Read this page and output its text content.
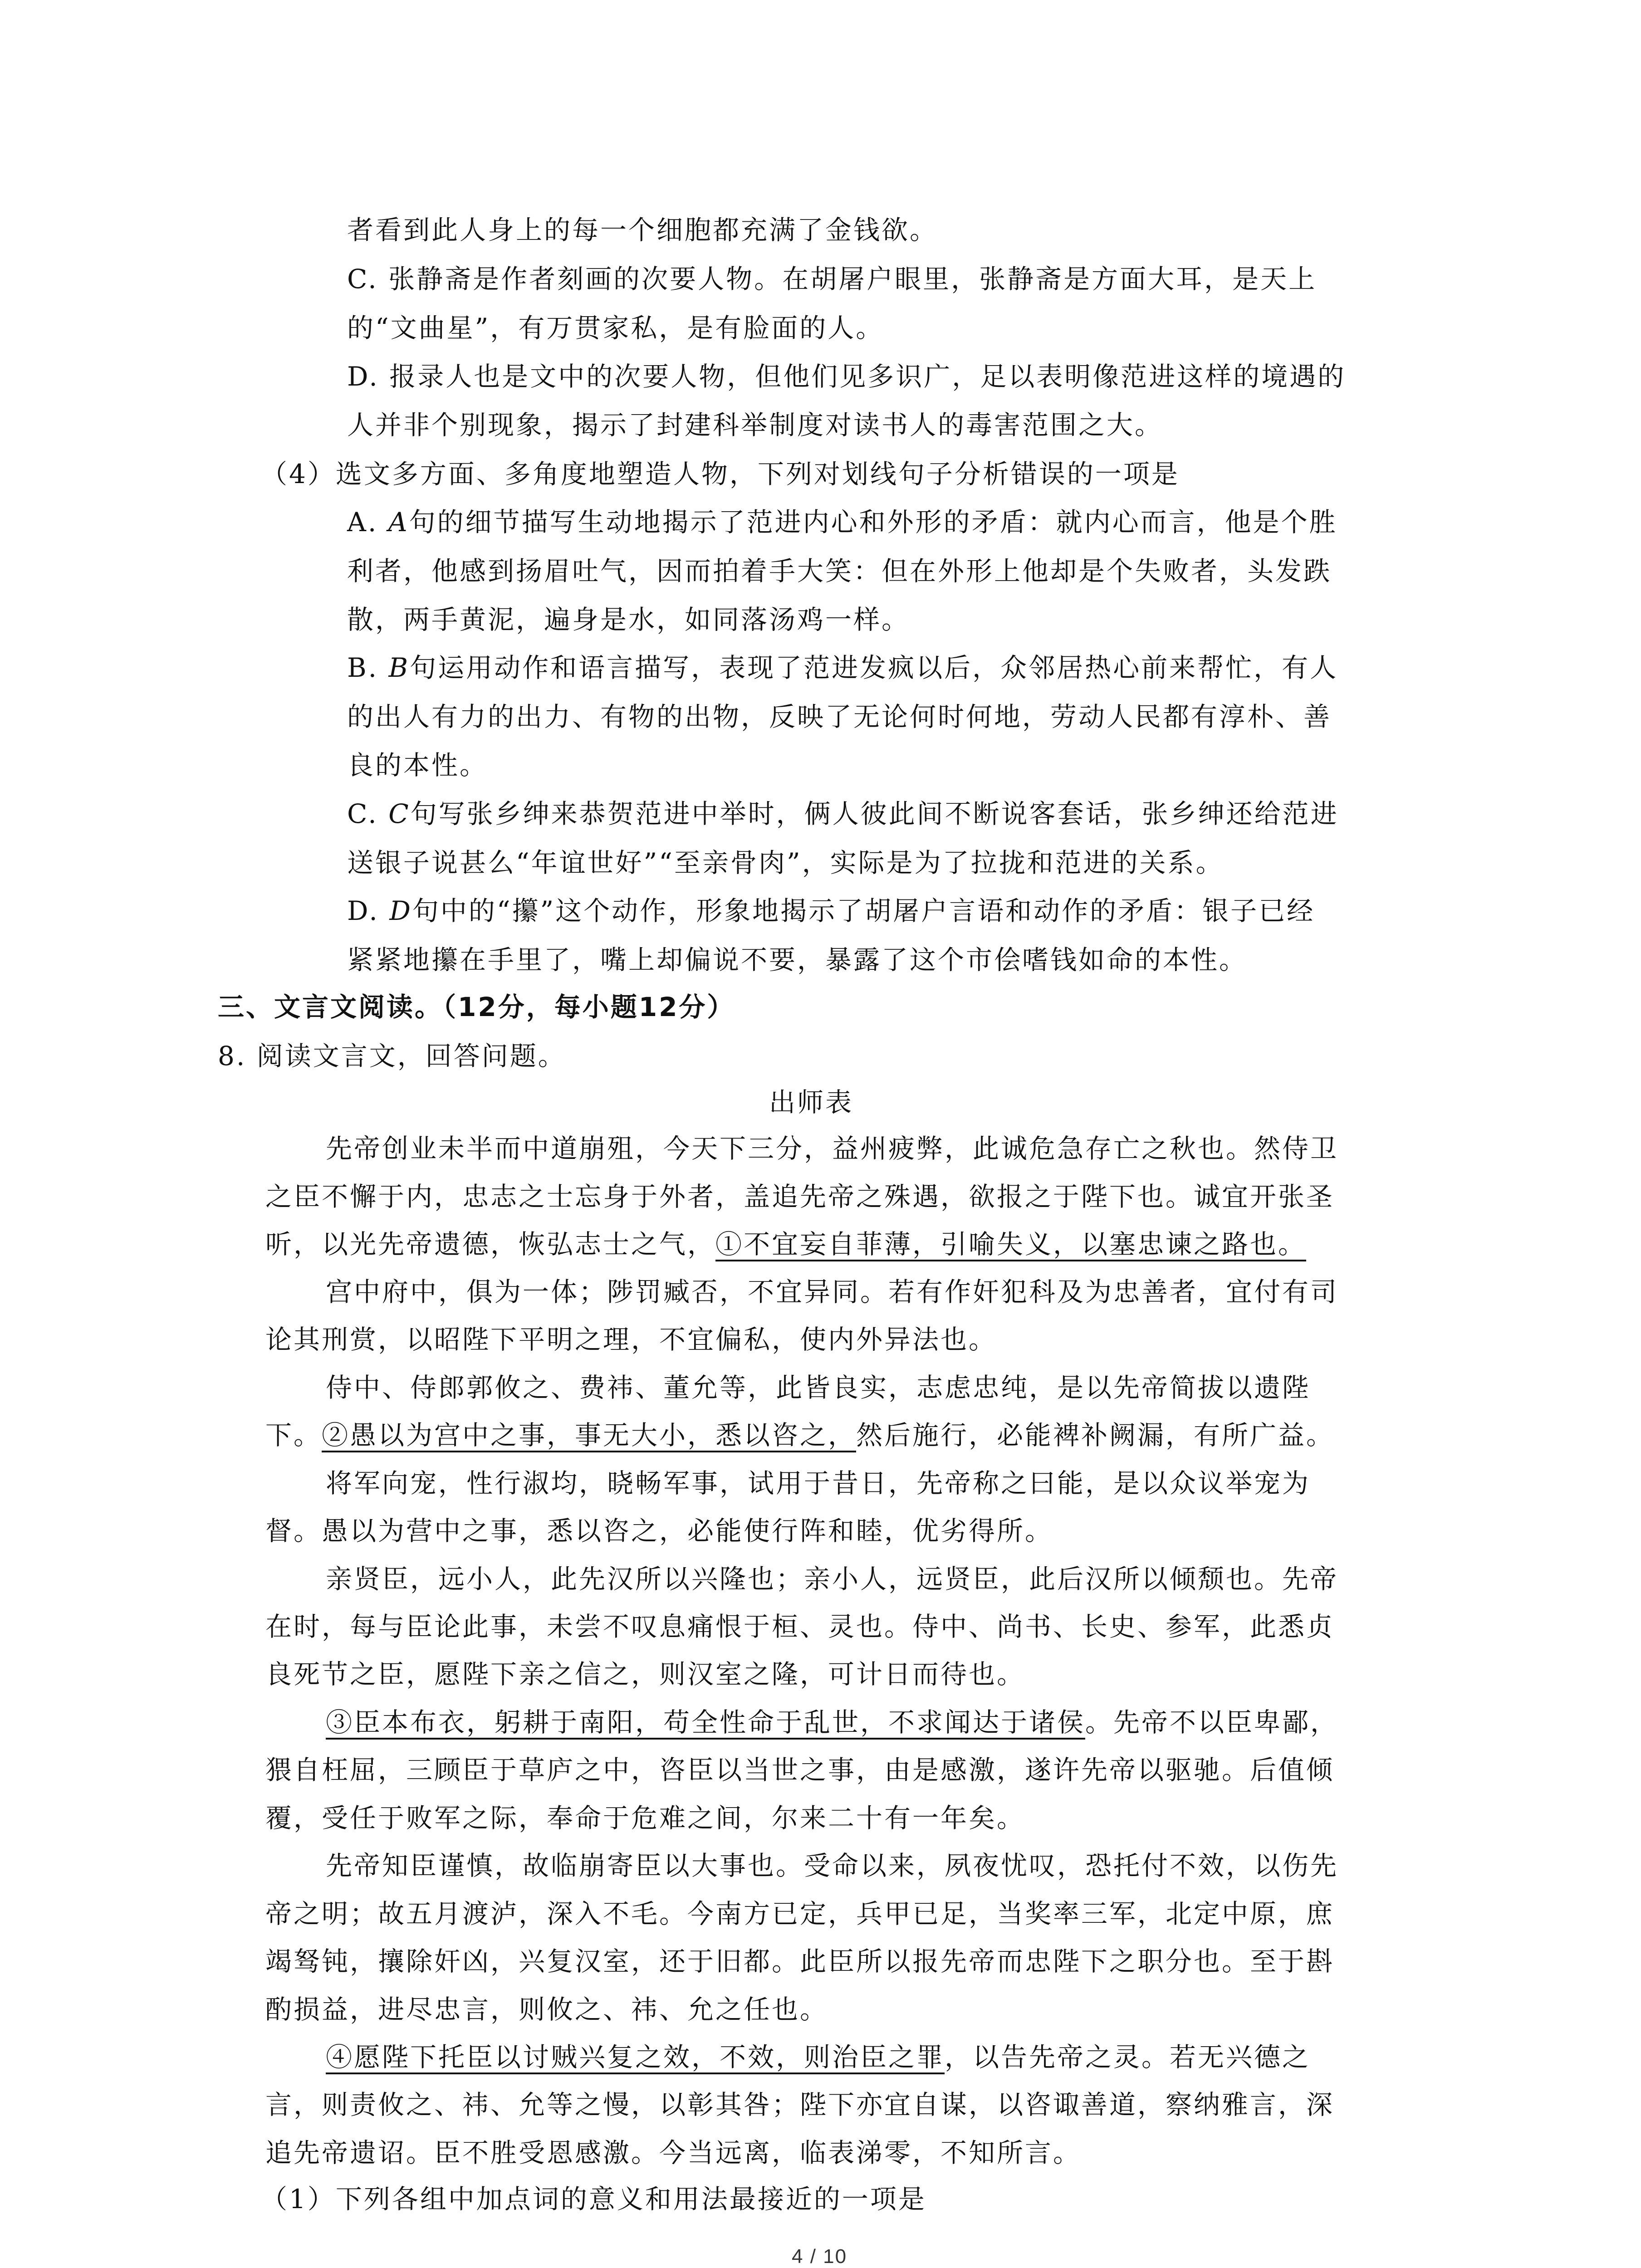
者看到此人身上的每一个细胞都充满了金钱欲。
C. 张静斋是作者刻画的次要人物。在胡屠户眼里，张静斋是方面大耳，是天上
的“文曲星”，有万贯家私，是有脸面的人。
D. 报录人也是文中的次要人物，但他们见多识广，足以表明像范进这样的境遇的
人并非个别现象，揭示了封建科举制度对读书人的毒害范围之大。
（4）选文多方面、多角度地塑造人物，下列对划线句子分析错误的一项是
A. A句的细节描写生动地揭示了范进内心和外形的矛盾：就内心而言，他是个胜
利者，他感到扬眉吐气，因而拍着手大笑：但在外形上他却是个失败者，头发跌
散，两手黄泥，遍身是水，如同落汤鸡一样。
B. B句运用动作和语言描写，表现了范进发疯以后，众邻居热心前来帮忙，有人
的出人有力的出力、有物的出物，反映了无论何时何地，劳动人民都有淳朴、善
良的本性。
C. C句写张乡绅来恭贺范进中举时，俩人彼此间不断说客套话，张乡绅还给范进
送银子说甚么“年谊世好”“至亲骨肉”，实际是为了拉拢和范进的关系。
D. D句中的“攥”这个动作，形象地揭示了胡屠户言语和动作的矛盾：银子已经
紧紧地攥在手里了，嘴上却偏说不要，暴露了这个市侩嗜钱如命的本性。
三、文言文阅读。（12分，每小题12分）
8. 阅读文言文，回答问题。
出师表
先帝创业未半而中道崩殂，今天下三分，益州疲弊，此诚危急存亡之秋也。然侍卫
之臣不懈于内，忠志之士忘身于外者，盖追先帝之殊遇，欲报之于陛下也。诚宜开张圣
听，以光先帝遗德，恢弘志士之气，①不宜妄自菲薄，引喻失义，以塞忠谏之路也。
宫中府中，俱为一体；陟罚臧否，不宜异同。若有作奸犯科及为忠善者，宜付有司
论其刑赏，以昭陛下平明之理，不宜偏私，使内外异法也。
侍中、侍郎郭攸之、费祎、董允等，此皆良实，志虑忠纯，是以先帝简拔以遗陛
下。②愚以为宫中之事，事无大小，悉以咨之，然后施行，必能裨补阙漏，有所广益。
将军向宠，性行淑均，晓畅军事，试用于昔日，先帝称之曰能，是以众议举宠为
督。愚以为营中之事，悉以咨之，必能使行阵和睦，优劣得所。
亲贤臣，远小人，此先汉所以兴隆也；亲小人，远贤臣，此后汉所以倾颓也。先帝
在时，每与臣论此事，未尝不叹息痛恨于桓、灵也。侍中、尚书、长史、参军，此悉贞
良死节之臣，愿陛下亲之信之，则汉室之隆，可计日而待也。
③臣本布衣，躬耕于南阳，苟全性命于乱世，不求闻达于诸侯。先帝不以臣卑鄙，
猥自枉屈，三顾臣于草庐之中，咨臣以当世之事，由是感激，遂许先帝以驱驰。后值倾
覆，受任于败军之际，奉命于危难之间，尔来二十有一年矣。
先帝知臣谨慎，故临崩寄臣以大事也。受命以来，夙夜忧叹，恐托付不效，以伤先
帝之明；故五月渡泸，深入不毛。今南方已定，兵甲已足，当奖率三军，北定中原，庶
竭驽钝，攘除奸凶，兴复汉室，还于旧都。此臣所以报先帝而忠陛下之职分也。至于斟
酌损益，进尽忠言，则攸之、祎、允之任也。
④愿陛下托臣以讨贼兴复之效，不效，则治臣之罪，以告先帝之灵。若无兴德之
言，则责攸之、祎、允等之慢，以彰其咎；陛下亦宜自谋，以咨诹善道，察纳雅言，深
追先帝遗诏。臣不胜受恩感激。今当远离，临表涕零，不知所言。
（1）下列各组中加点词的意义和用法最接近的一项是
4 / 10
